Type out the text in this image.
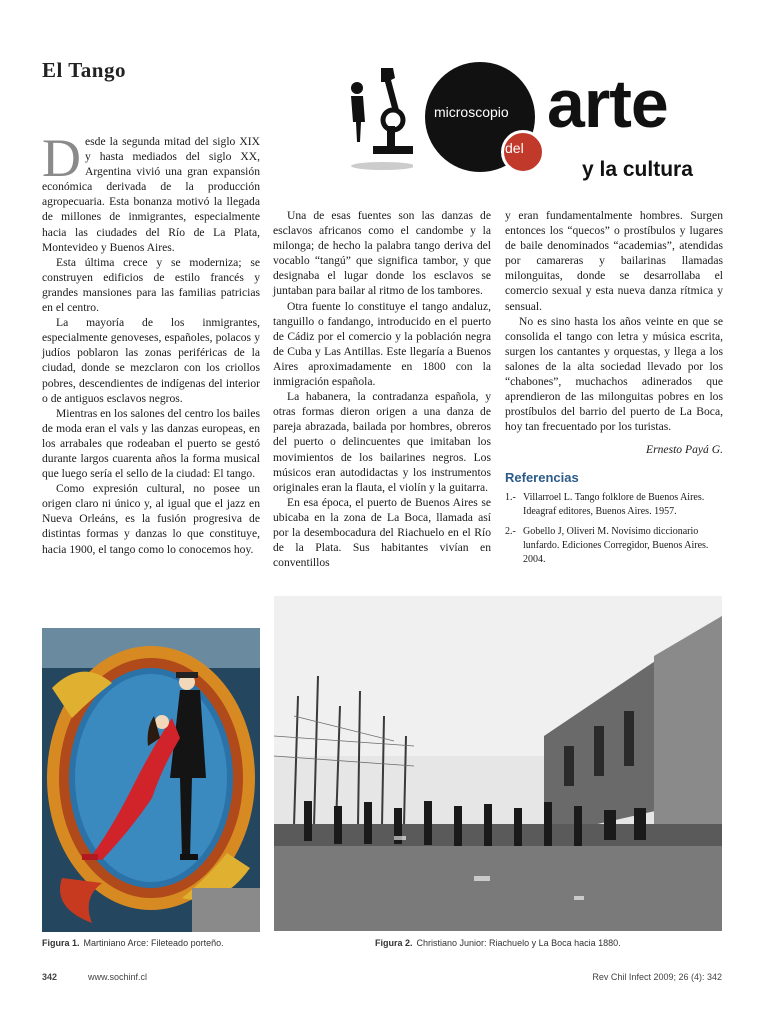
El Tango
microscopio
del
arte
y la cultura

Desde la segunda mitad del siglo XIX y hasta mediados del siglo XX, Argentina vivió una gran expansión económica derivada de la producción agropecuaria. Esta bonanza motivó la llegada de millones de inmigrantes, especialmente hacia las ciudades del Río de La Plata, Montevideo y Buenos Aires.

Esta última crece y se moderniza; se construyen edificios de estilo francés y grandes mansiones para las familias patricias en el centro.

La mayoría de los inmigrantes, especialmente genoveses, españoles, polacos y judíos poblaron las zonas periféricas de la ciudad, donde se mezclaron con los criollos pobres, descendientes de indígenas del interior o de antiguos esclavos negros.

Mientras en los salones del centro los bailes de moda eran el vals y las danzas europeas, en los arrabales que rodeaban el puerto se gestó durante largos cuarenta años la forma musical que luego sería el sello de la ciudad: El tango.

Como expresión cultural, no posee un origen claro ni único y, al igual que el jazz en Nueva Orleáns, es la fusión progresiva de distintas formas y danzas lo que constituye, hacia 1900, el tango como lo conocemos hoy.

Una de esas fuentes son las danzas de esclavos africanos como el candombe y la milonga; de hecho la palabra tango deriva del vocablo “tangú” que significa tambor, y que designaba el lugar donde los esclavos se juntaban para bailar al ritmo de los tambores.

Otra fuente lo constituye el tango andaluz, tanguillo o fandango, introducido en el puerto de Cádiz por el comercio y la población negra de Cuba y Las Antillas. Este llegaría a Buenos Aires aproximadamente en 1800 con la inmigración española.

La habanera, la contradanza española, y otras formas dieron origen a una danza de pareja abrazada, bailada por hombres, obreros del puerto o delincuentes que imitaban los movimientos de los bailarines negros. Los músicos eran autodidactas y los instrumentos originales eran la flauta, el violín y la guitarra.

En esa época, el puerto de Buenos Aires se ubicaba en la zona de La Boca, llamada así por la desembocadura del Riachuelo en el Río de la Plata. Sus habitantes vivían en conventillos

y eran fundamentalmente hombres. Surgen entonces los “quecos” o prostíbulos y lugares de baile denominados “academias”, atendidas por camareras y bailarinas llamadas milonguitas, donde se desarrollaba el comercio sexual y esta nueva danza rítmica y sensual.

No es sino hasta los años veinte en que se consolida el tango con letra y música escrita, surgen los cantantes y orquestas, y llega a los salones de la alta sociedad llevado por los “chabones”, muchachos adinerados que aprendieron de las milonguitas pobres en los prostíbulos del barrio del puerto de La Boca, hoy tan frecuentado por los turistas.

Ernesto Payá G.

Referencias
1.- Villarroel L. Tango folklore de Buenos Aires. Ideagraf editores, Buenos Aires. 1957.
2.- Gobello J, Oliveri M. Novísimo diccionario lunfardo. Ediciones Corregidor, Buenos Aires. 2004.
Figura 1. Martiniano Arce: Fileteado porteño.	Figura 2. Christiano Junior: Riachuelo y La Boca hacia 1880.
342	www.sochinf.cl	Rev Chil Infect 2009; 26 (4): 342
